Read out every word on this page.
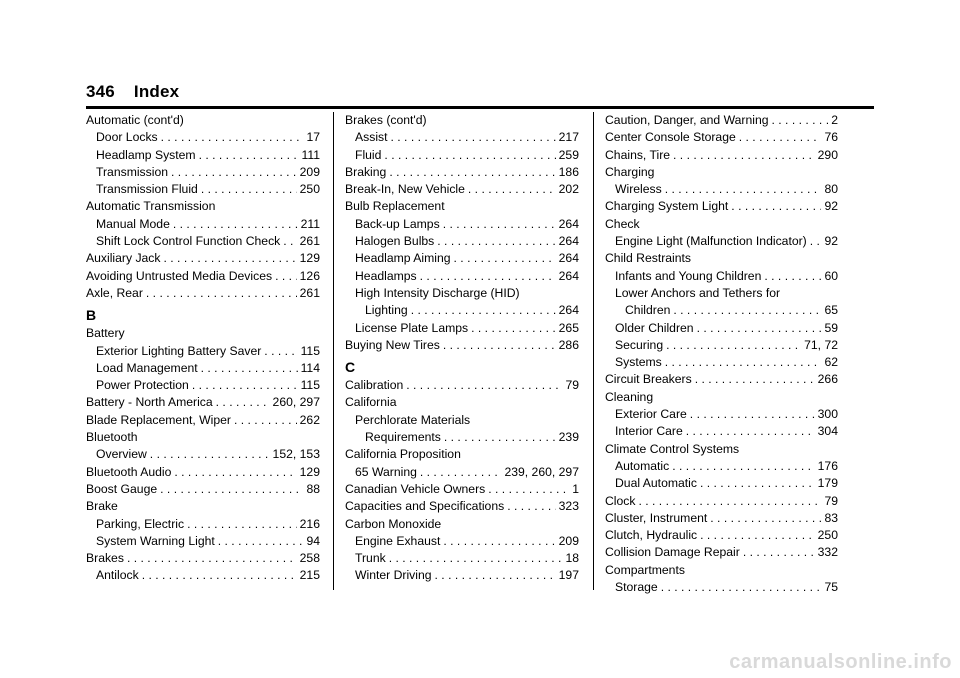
346 Index
Automatic (cont'd)
Door Locks . . .	17
Headlamp System . . .	111
Transmission . . .	209
Transmission Fluid . . .	250
Automatic Transmission
Manual Mode . . .	211
Shift Lock Control Function Check . . . 261
Auxiliary Jack . . .	129
Avoiding Untrusted Media Devices . . . 126
Axle, Rear . . .	261
B
Battery
Exterior Lighting Battery Saver . . .	115
Load Management . . .	114
Power Protection . . .	115
Battery - North America . . .	260, 297
Blade Replacement, Wiper . . .	262
Bluetooth
Overview . . .	152, 153
Bluetooth Audio . . .	129
Boost Gauge . . .	88
Brake
Parking, Electric . . .	216
System Warning Light . . .	94
Brakes . . .	258
Antilock . . .	215
Brakes (cont'd)
Assist . . .	217
Fluid . . .	259
Braking . . .	186
Break-In, New Vehicle . . .	202
Bulb Replacement
Back-up Lamps . . .	264
Halogen Bulbs . . .	264
Headlamp Aiming . . .	264
Headlamps . . .	264
High Intensity Discharge (HID)
Lighting . . .	264
License Plate Lamps . . .	265
Buying New Tires . . .	286
C
Calibration . . .	79
California
Perchlorate Materials
Requirements . . .	239
California Proposition
65 Warning . . .	239, 260, 297
Canadian Vehicle Owners . . .	1
Capacities and Specifications . . .	323
Carbon Monoxide
Engine Exhaust . . .	209
Trunk . . .	18
Winter Driving . . .	197
Caution, Danger, and Warning . . .	2
Center Console Storage . . .	76
Chains, Tire . . .	290
Charging
Wireless . . .	80
Charging System Light . . .	92
Check
Engine Light (Malfunction Indicator) . . . 92
Child Restraints
Infants and Young Children . . .	60
Lower Anchors and Tethers for
Children . . .	65
Older Children . . .	59
Securing . . .	71, 72
Systems . . .	62
Circuit Breakers . . .	266
Cleaning
Exterior Care . . .	300
Interior Care . . .	304
Climate Control Systems
Automatic . . .	176
Dual Automatic . . .	179
Clock . . .	79
Cluster, Instrument . . .	83
Clutch, Hydraulic . . .	250
Collision Damage Repair . . .	332
Compartments
Storage . . .	75
carmanualsonline.info
